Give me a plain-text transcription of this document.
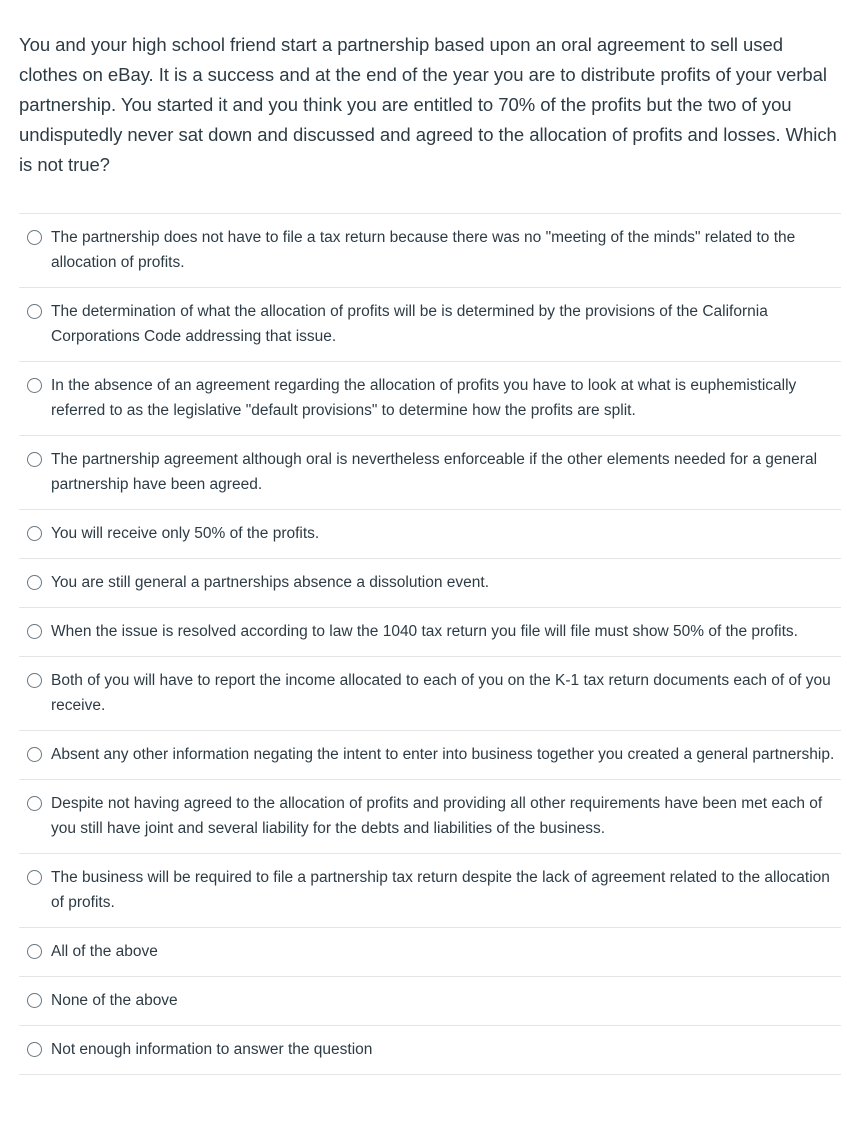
You and your high school friend start a partnership based upon an oral agreement to sell used clothes on eBay. It is a success and at the end of the year you are to distribute profits of your verbal partnership. You started it and you think you are entitled to 70% of the profits but the two of you undisputedly never sat down and discussed and agreed to the allocation of profits and losses. Which is not true?

The partnership does not have to file a tax return because there was no "meeting of the minds" related to the allocation of profits.
The determination of what the allocation of profits will be is determined by the provisions of the California Corporations Code addressing that issue.
In the absence of an agreement regarding the allocation of profits you have to look at what is euphemistically referred to as the legislative "default provisions" to determine how the profits are split.
The partnership agreement although oral is nevertheless enforceable if the other elements needed for a general partnership have been agreed.
You will receive only 50% of the profits.
You are still general a partnerships absence a dissolution event.
When the issue is resolved according to law the 1040 tax return you file will file must show 50% of the profits.
Both of you will have to report the income allocated to each of you on the K-1 tax return documents each of of you receive.
Absent any other information negating the intent to enter into business together you created a general partnership.
Despite not having agreed to the allocation of profits and providing all other requirements have been met each of you still have joint and several liability for the debts and liabilities of the business.
The business will be required to file a partnership tax return despite the lack of agreement related to the allocation of profits.
All of the above
None of the above
Not enough information to answer the question
